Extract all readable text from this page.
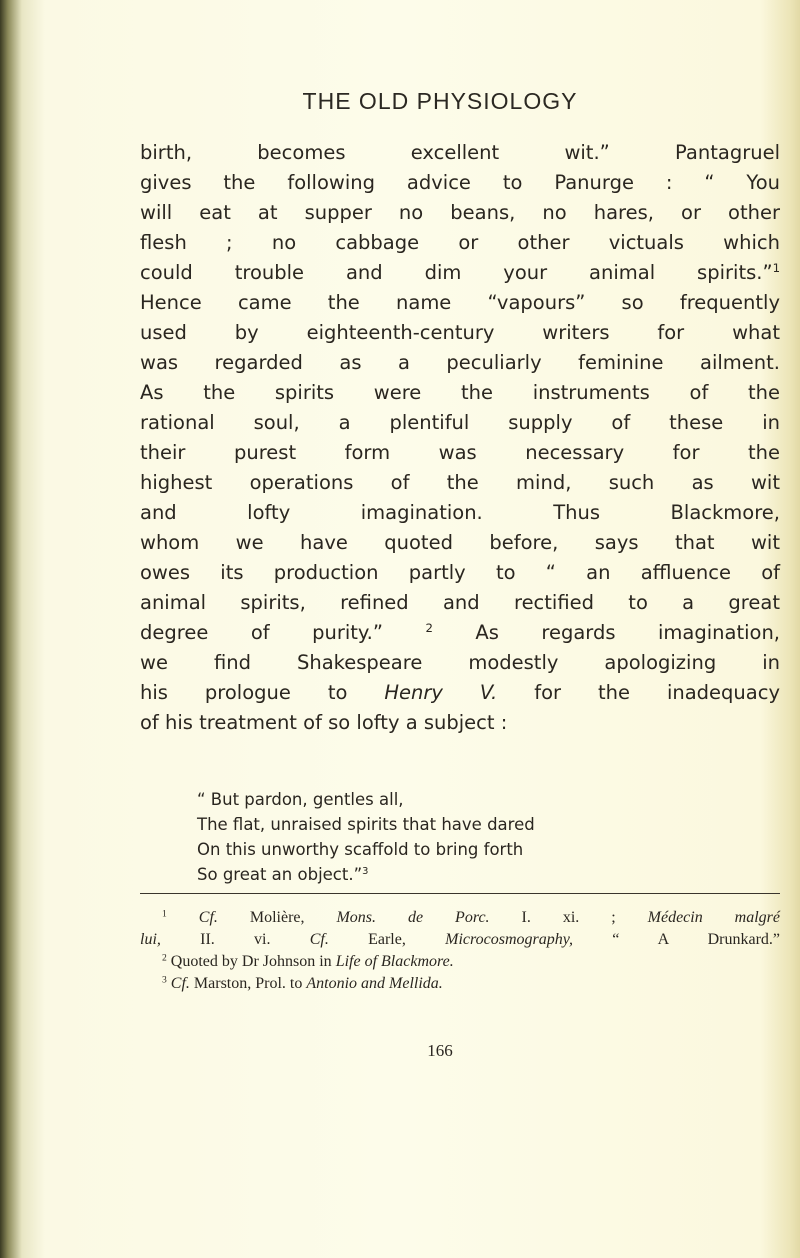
THE OLD PHYSIOLOGY
birth, becomes excellent wit.” Pantagruel
gives the following advice to Panurge : “ You
will eat at supper no beans, no hares, or other
flesh ; no cabbage or other victuals which
could trouble and dim your animal spirits.”$^1$
Hence came the name “vapours” so frequently
used by eighteenth-century writers for what
was regarded as a peculiarly feminine ailment.
As the spirits were the instruments of the
rational soul, a plentiful supply of these in
their purest form was necessary for the
highest operations of the mind, such as wit
and lofty imagination. Thus Blackmore,
whom we have quoted before, says that wit
owes its production partly to “ an affluence of
animal spirits, refined and rectified to a great
degree of purity.” $^2$ As regards imagination,
we find Shakespeare modestly apologizing in
his prologue to Henry V. for the inadequacy
of his treatment of so lofty a subject :
“ But pardon, gentles all,
The flat, unraised spirits that have dared
On this unworthy scaffold to bring forth
So great an object.”$^3$
$^1$ Cf. Molière, Mons. de Porc. I. xi. ; Médecin malgré
lui, II. vi. Cf. Earle, Microcosmography, “ A Drunkard.”
$^2$ Quoted by Dr Johnson in Life of Blackmore.
$^3$ Cf. Marston, Prol. to Antonio and Mellida.
166
